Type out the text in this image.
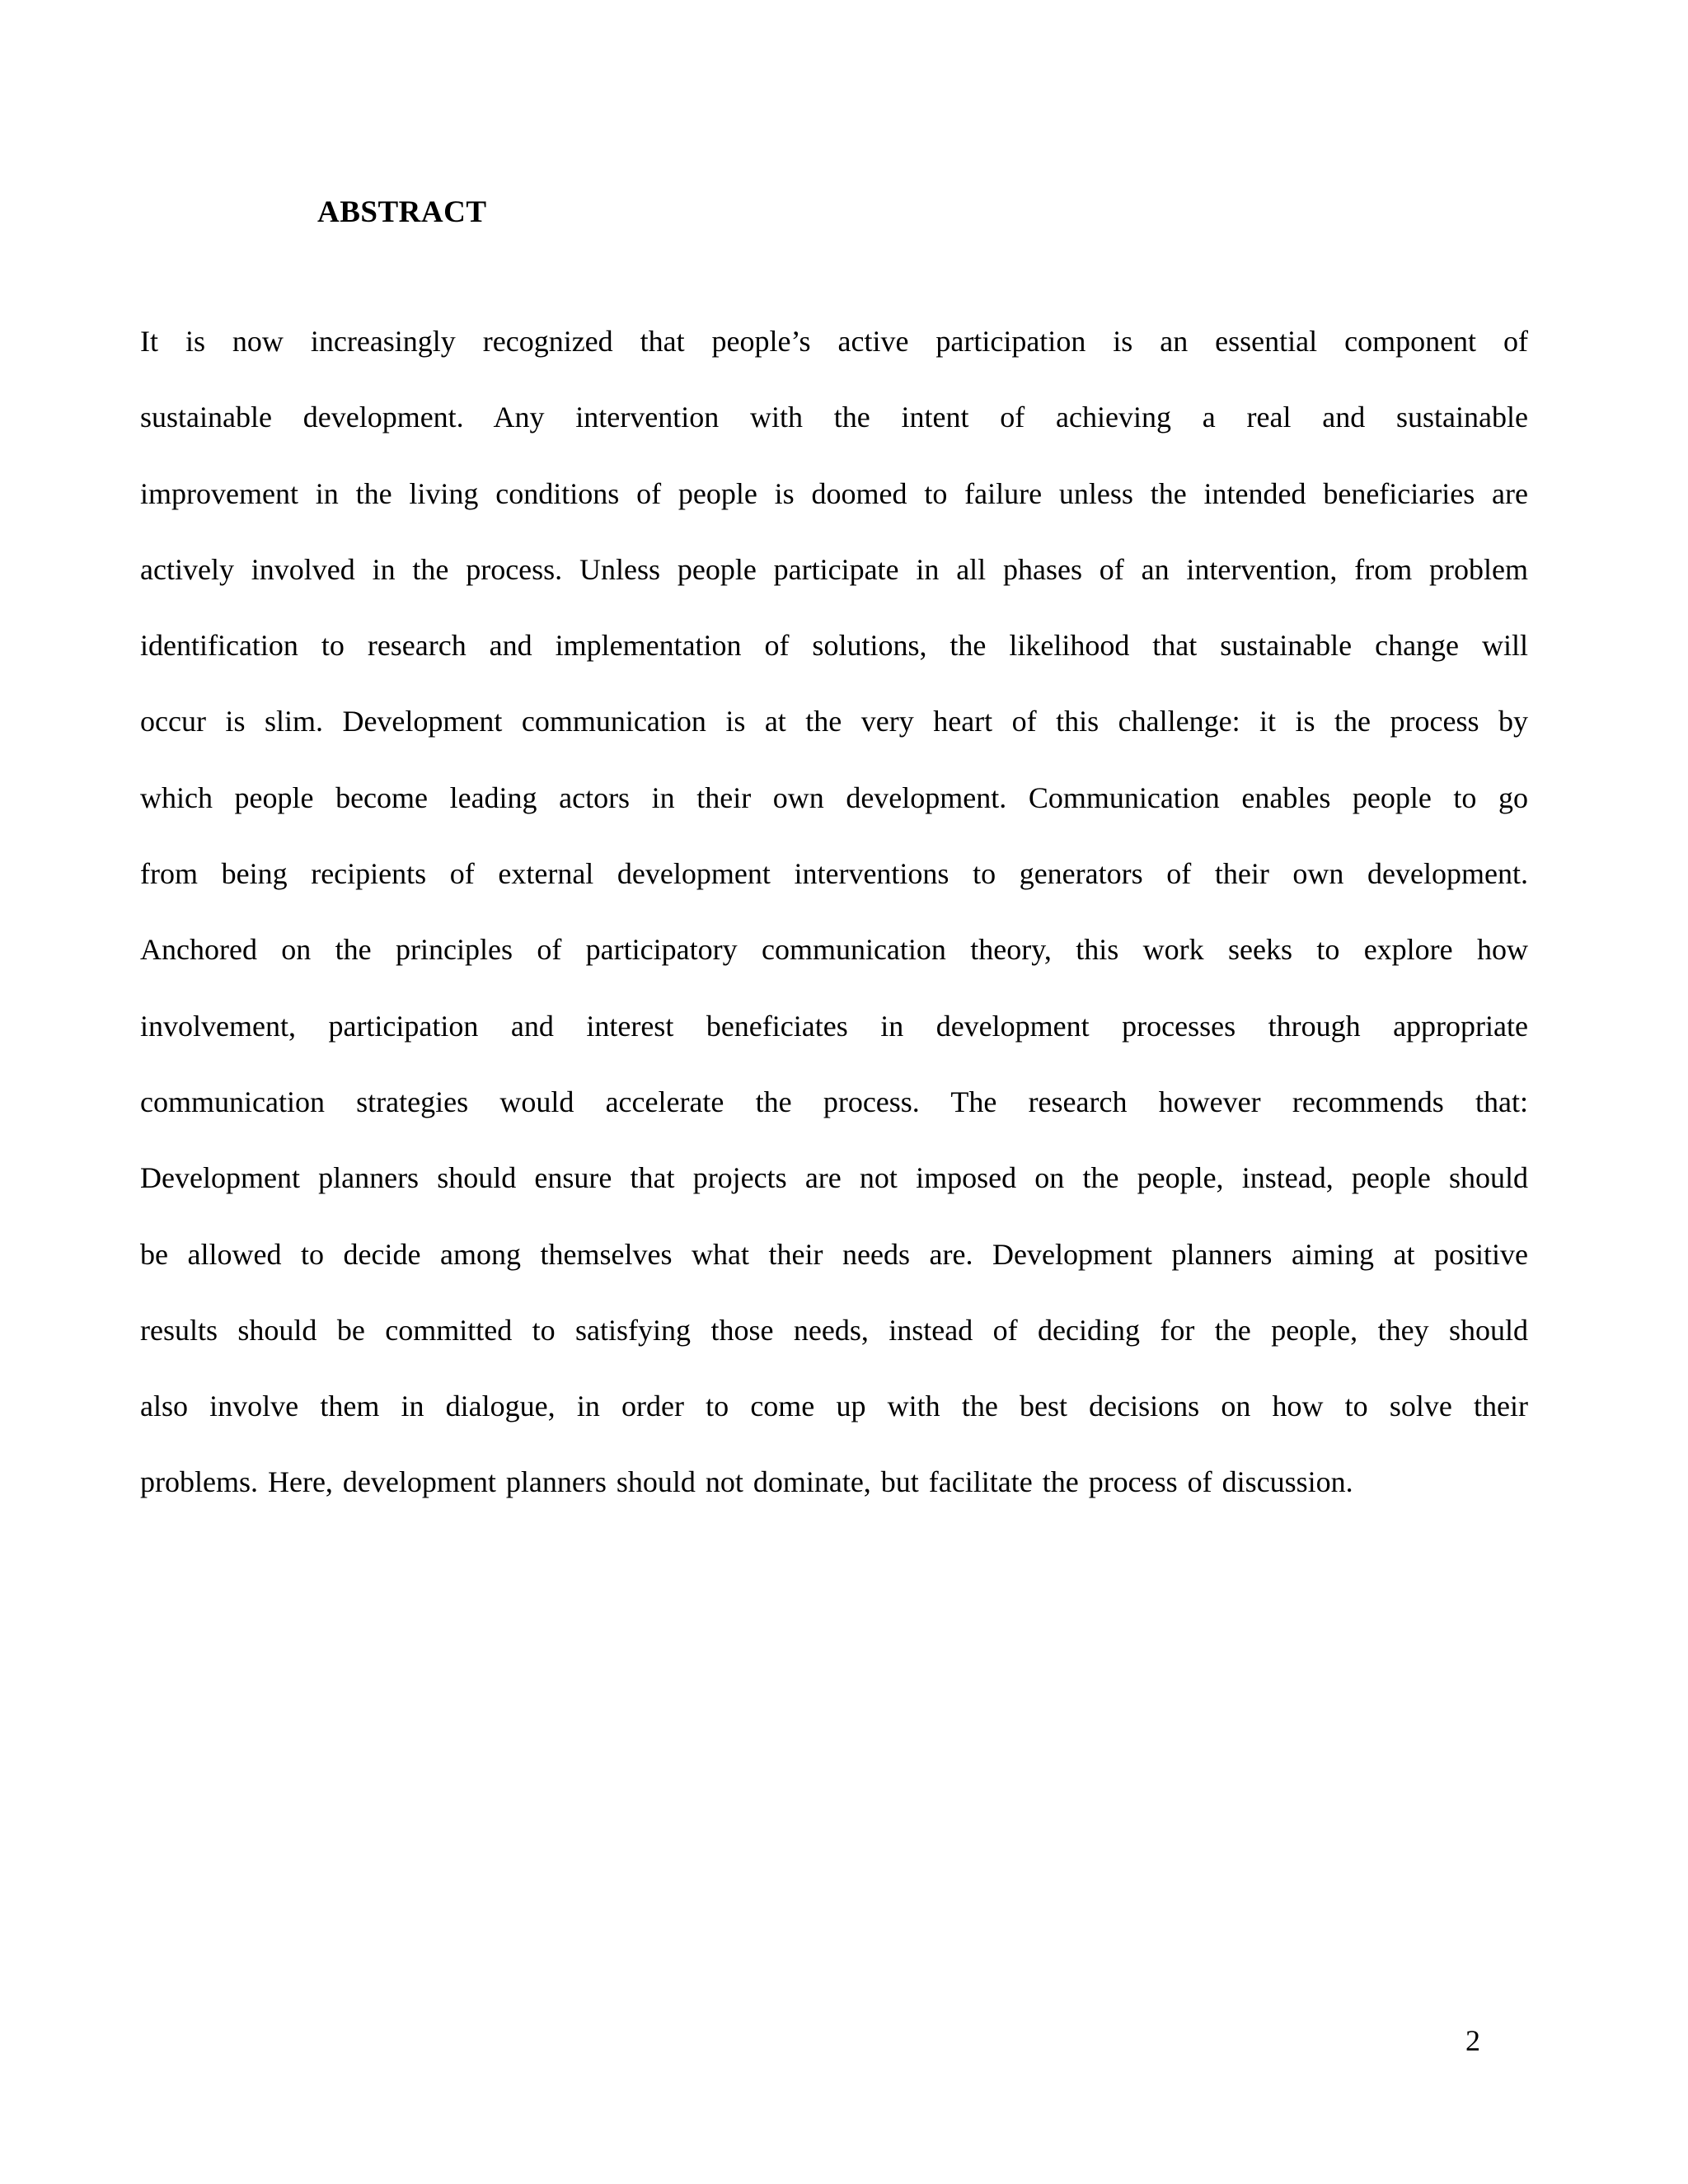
ABSTRACT
It is now increasingly recognized that people’s active participation is an essential component of
sustainable development. Any intervention with the intent of achieving a real and sustainable
improvement in the living conditions of people is doomed to failure unless the intended beneficiaries are
actively involved in the process. Unless people participate in all phases of an intervention, from problem
identification to research and implementation of solutions, the likelihood that sustainable change will
occur is slim. Development communication is at the very heart of this challenge: it is the process by
which people become leading actors in their own development. Communication enables people to go
from being recipients of external development interventions to generators of their own development.
Anchored on the principles of participatory communication theory, this work seeks to explore how
involvement, participation and interest beneficiates in development processes through appropriate
communication strategies would accelerate the process. The research however recommends that:
Development planners should ensure that projects are not imposed on the people, instead, people should
be allowed to decide among themselves what their needs are. Development planners aiming at positive
results should be committed to satisfying those needs, instead of deciding for the people, they should
also involve them in dialogue, in order to come up with the best decisions on how to solve their
problems. Here, development planners should not dominate, but facilitate the process of discussion.
2
